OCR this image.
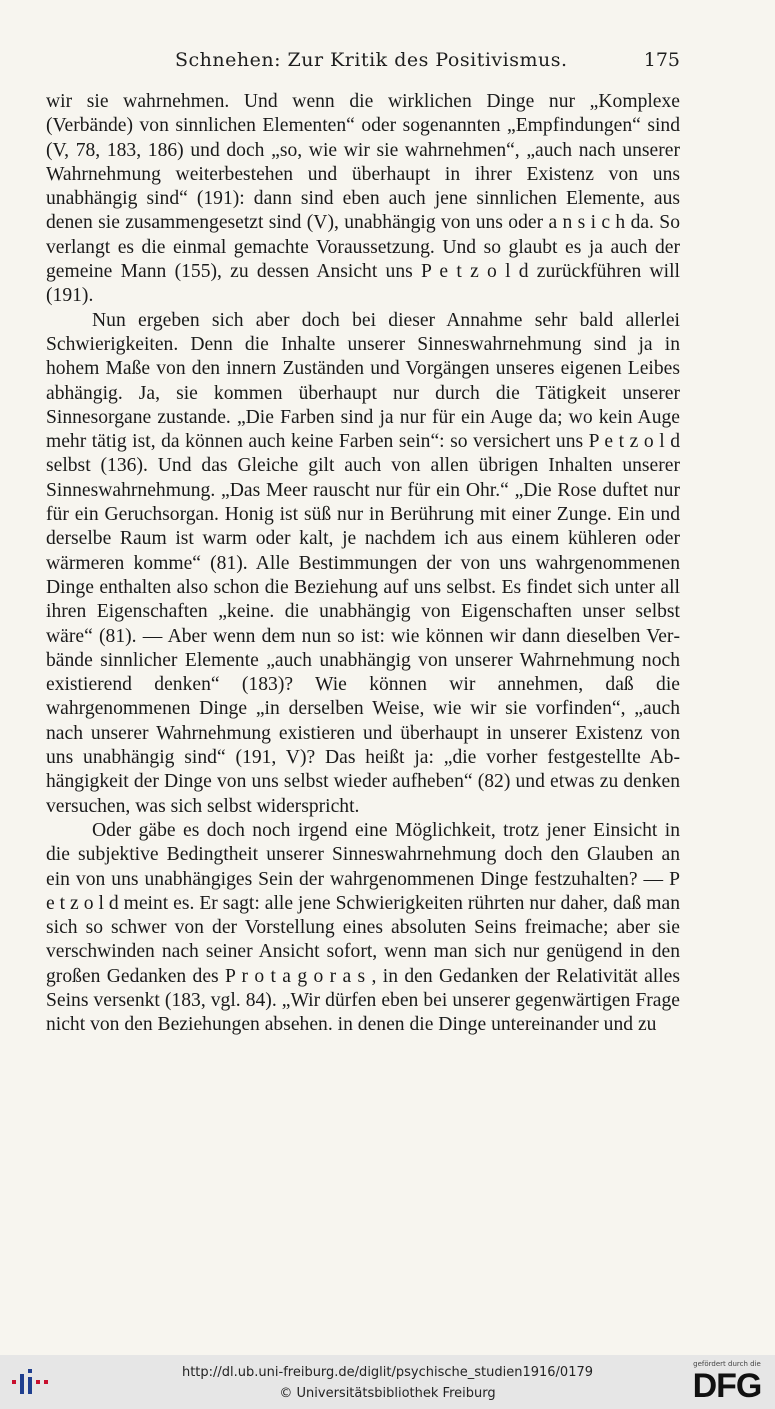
Schnehen: Zur Kritik des Positivismus.	175

wir sie wahrnehmen. Und wenn die wirklichen Dinge nur „Komplexe (Verbände) von sinnlichen Elementen“ oder sogenannten „Empfindungen“ sind (V, 78, 183, 186) und doch „so, wie wir sie wahrnehmen“, „auch nach unserer Wahrnehmung weiterbestehen und überhaupt in ihrer Existenz von uns unabhängig sind“ (191): dann sind eben auch jene sinnlichen Elemente, aus denen sie zusammengesetzt sind (V), unabhängig von uns oder a n s i c h da. So verlangt es die einmal gemachte Voraussetzung. Und so glaubt es ja auch der gemeine Mann (155), zu dessen Ansicht uns P e t z o l d zurückführen will (191).

Nun ergeben sich aber doch bei dieser Annahme sehr bald allerlei Schwierigkeiten. Denn die Inhalte unserer Sinneswahrnehmung sind ja in hohem Maße von den innern Zuständen und Vorgängen unseres eigenen Leibes abhängig. Ja, sie kommen überhaupt nur durch die Tätigkeit unserer Sinnesorgane zustande. „Die Farben sind ja nur für ein Auge da; wo kein Auge mehr tätig ist, da können auch keine Farben sein“: so versichert uns P e t z o l d selbst (136). Und das Gleiche gilt auch von allen übrigen Inhalten unserer Sinneswahrnehmung. „Das Meer rauscht nur für ein Ohr.“ „Die Rose duftet nur für ein Geruchsorgan. Honig ist süß nur in Berührung mit einer Zunge. Ein und derselbe Raum ist warm oder kalt, je nachdem ich aus einem kühleren oder wärmeren komme“ (81). Alle Bestimmungen der von uns wahrgenommenen Dinge enthalten also schon die Beziehung auf uns selbst. Es findet sich unter all ihren Eigenschaften „keine. die unabhängig von Eigenschaften unser selbst wäre“ (81). — Aber wenn dem nun so ist: wie können wir dann dieselben Verbände sinnlicher Elemente „auch unabhängig von unserer Wahrnehmung noch existierend denken“ (183)? Wie können wir annehmen, daß die wahrgenommenen Dinge „in derselben Weise, wie wir sie vorfinden“, „auch nach unserer Wahrnehmung existieren und überhaupt in unserer Existenz von uns unabhängig sind“ (191, V)? Das heißt ja: „die vorher festgestellte Abhängigkeit der Dinge von uns selbst wieder aufheben“ (82) und etwas zu denken versuchen, was sich selbst widerspricht.

Oder gäbe es doch noch irgend eine Möglichkeit, trotz jener Einsicht in die subjektive Bedingtheit unserer Sinneswahrnehmung doch den Glauben an ein von uns unabhängiges Sein der wahrgenommenen Dinge festzuhalten? — P e t z o l d meint es. Er sagt: alle jene Schwierigkeiten rührten nur daher, daß man sich so schwer von der Vorstellung eines absoluten Seins freimache; aber sie verschwinden nach seiner Ansicht sofort, wenn man sich nur genügend in den großen Gedanken des P r o t a g o r a s , in den Gedanken der Relativität alles Seins versenkt (183, vgl. 84). „Wir dürfen eben bei unserer gegenwärtigen Frage nicht von den Beziehungen absehen. in denen die Dinge untereinander und zu

http://dl.ub.uni-freiburg.de/diglit/psychische_studien1916/0179
© Universitätsbibliothek Freiburg
gefördert durch die
DFG
